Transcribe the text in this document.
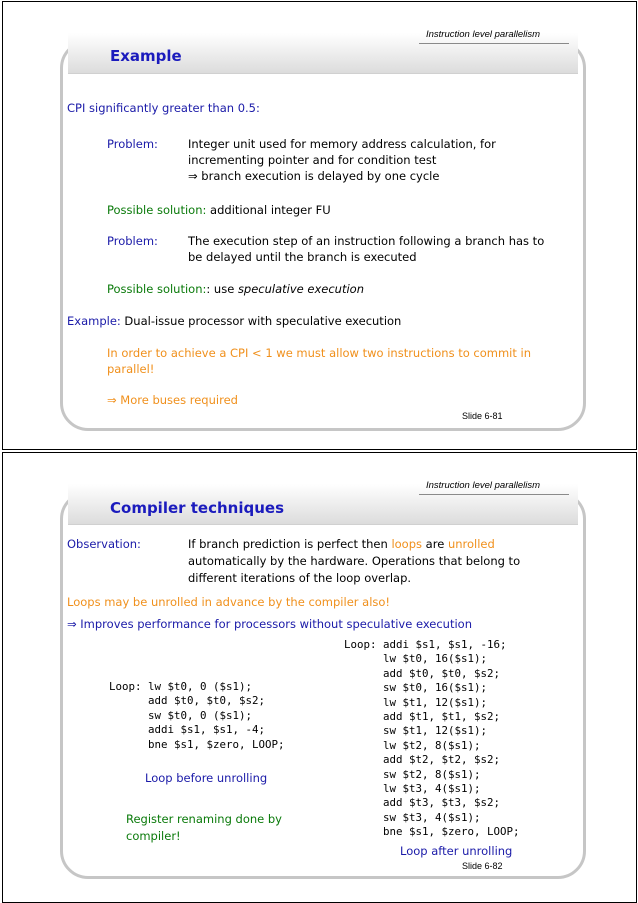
Instruction level parallelism
Example
CPI significantly greater than 0.5:
Problem:	Integer unit used for memory address calculation, for
incrementing pointer and for condition test
⇒ branch execution is delayed by one cycle
Possible solution: additional integer FU
Problem:	The execution step of an instruction following a branch has to
be delayed until the branch is executed
Possible solution:: use speculative execution
Example: Dual-issue processor with speculative execution
In order to achieve a CPI < 1 we must allow two instructions to commit in
parallel!
⇒ More buses required
Slide 6-81
Instruction level parallelism
Compiler techniques
Observation:	If branch prediction is perfect then loops are unrolled
automatically by the hardware. Operations that belong to
different iterations of the loop overlap.
Loops may be unrolled in advance by the compiler also!
⇒ Improves performance for processors without speculative execution
Loop: lw $t0, 0 ($s1);
add $t0, $t0, $s2;
sw $t0, 0 ($s1);
addi $s1, $s1, -4;
bne $s1, $zero, LOOP;
Loop: addi $s1, $s1, -16;
lw $t0, 16($s1);
add $t0, $t0, $s2;
sw $t0, 16($s1);
lw $t1, 12($s1);
add $t1, $t1, $s2;
sw $t1, 12($s1);
lw $t2, 8($s1);
add $t2, $t2, $s2;
sw $t2, 8($s1);
lw $t3, 4($s1);
add $t3, $t3, $s2;
sw $t3, 4($s1);
bne $s1, $zero, LOOP;
Loop before unrolling
Register renaming done by
compiler!
Loop after unrolling
Slide 6-82
